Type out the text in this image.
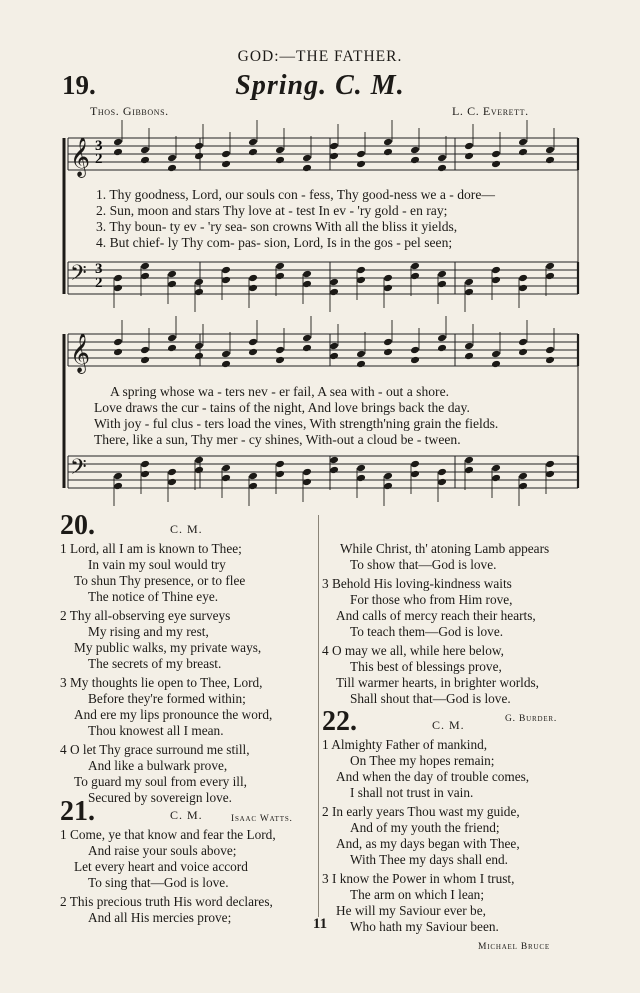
GOD:—THE FATHER.
19.	Spring. C. M.
Thos. Gibbons.	L. C. Everett.
3
2
3
2
𝄞
𝄞
𝄢
𝄢
1. Thy goodness, Lord, our souls con - fess, Thy good-ness we a - dore—
2. Sun, moon and stars Thy love at - test In ev - 'ry gold - en ray;
3. Thy boun- ty ev - 'ry sea- son crowns With all the bliss it yields,
4. But chief- ly Thy com- pas- sion, Lord, Is in the gos - pel seen;
A spring whose wa - ters nev - er fail, A sea with - out a shore.
Love draws the cur - tains of the night, And love brings back the day.
With joy - ful clus - ters load the vines, With strength'ning grain the fields.
There, like a sun, Thy mer - cy shines, With-out a cloud be - tween.
20.	C. M.
1 Lord, all I am is known to Thee;
In vain my soul would try
To shun Thy presence, or to flee
The notice of Thine eye.
2 Thy all-observing eye surveys
My rising and my rest,
My public walks, my private ways,
The secrets of my breast.
3 My thoughts lie open to Thee, Lord,
Before they're formed within;
And ere my lips pronounce the word,
Thou knowest all I mean.
4 O let Thy grace surround me still,
And like a bulwark prove,
To guard my soul from every ill,
Secured by sovereign love.
Isaac Watts.
21.	C. M.
1 Come, ye that know and fear the Lord,
And raise your souls above;
Let every heart and voice accord
To sing that—God is love.
2 This precious truth His word declares,
And all His mercies prove;
While Christ, th' atoning Lamb appears
To show that—God is love.
3 Behold His loving-kindness waits
For those who from Him rove,
And calls of mercy reach their hearts,
To teach them—God is love.
4 O may we all, while here below,
This best of blessings prove,
Till warmer hearts, in brighter worlds,
Shall shout that—God is love.
G. Burder.
22.	C. M.
1 Almighty Father of mankind,
On Thee my hopes remain;
And when the day of trouble comes,
I shall not trust in vain.
2 In early years Thou wast my guide,
And of my youth the friend;
And, as my days began with Thee,
With Thee my days shall end.
3 I know the Power in whom I trust,
The arm on which I lean;
He will my Saviour ever be,
Who hath my Saviour been.
Michael Bruce
11
